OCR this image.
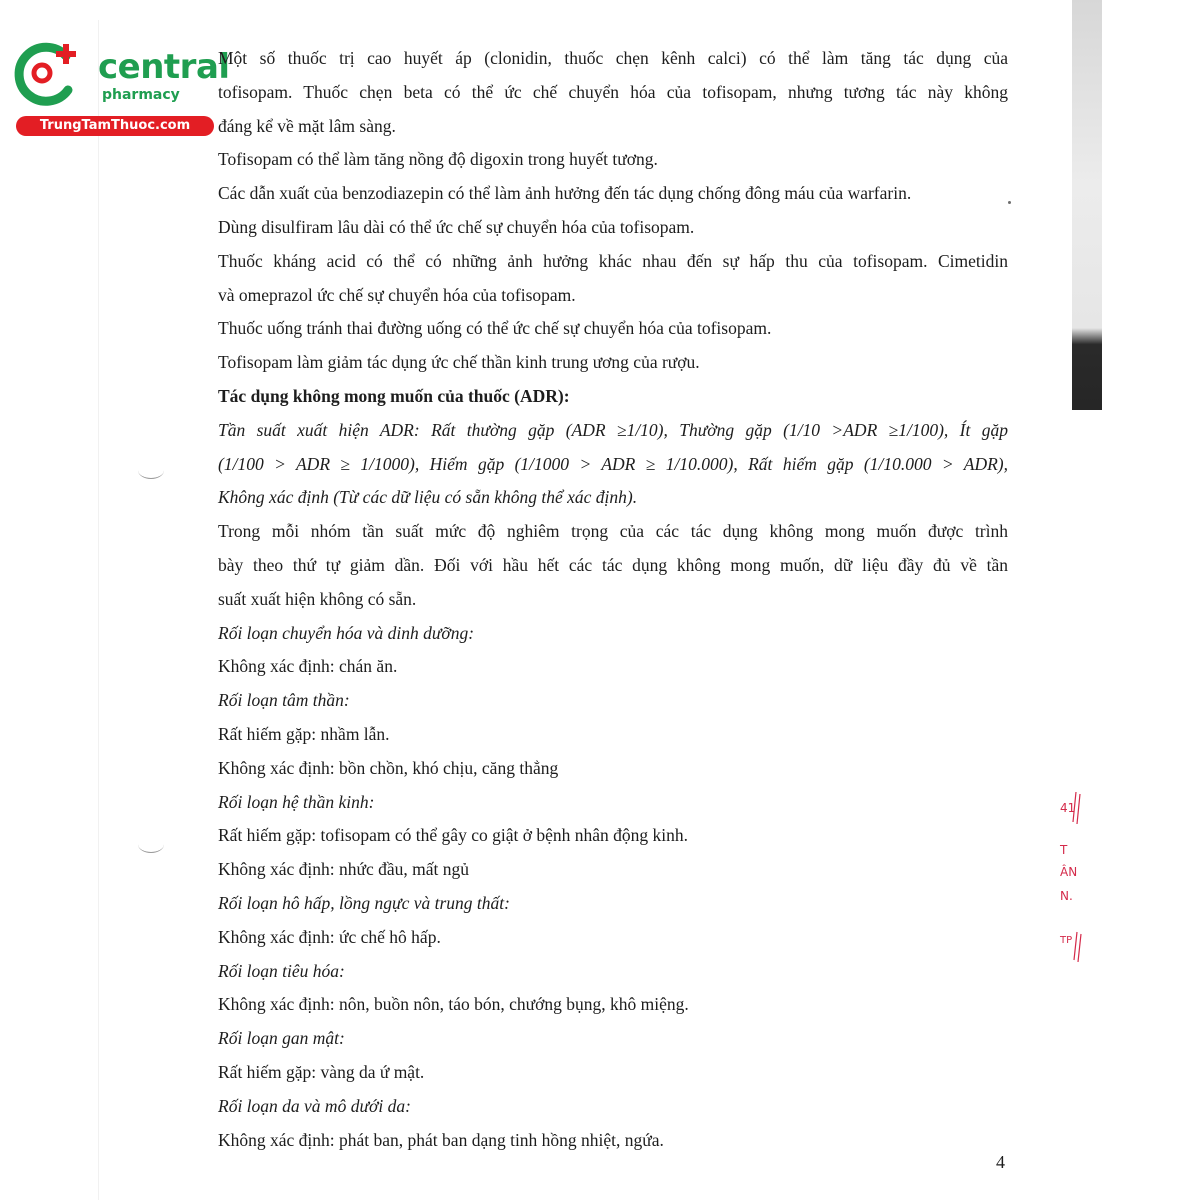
central
pharmacy
TrungTamThuoc.com
Một số thuốc trị cao huyết áp (clonidin, thuốc chẹn kênh calci) có thể làm tăng tác dụng của
tofisopam. Thuốc chẹn beta có thể ức chế chuyển hóa của tofisopam, nhưng tương tác này không
đáng kể về mặt lâm sàng.
Tofisopam có thể làm tăng nồng độ digoxin trong huyết tương.
Các dẫn xuất của benzodiazepin có thể làm ảnh hưởng đến tác dụng chống đông máu của warfarin.
Dùng disulfiram lâu dài có thể ức chế sự chuyển hóa của tofisopam.
Thuốc kháng acid có thể có những ảnh hưởng khác nhau đến sự hấp thu của tofisopam. Cimetidin
và omeprazol ức chế sự chuyển hóa của tofisopam.
Thuốc uống tránh thai đường uống có thể ức chế sự chuyển hóa của tofisopam.
Tofisopam làm giảm tác dụng ức chế thần kinh trung ương của rượu.
Tác dụng không mong muốn của thuốc (ADR):
Tần suất xuất hiện ADR: Rất thường gặp (ADR ≥1/10), Thường gặp (1/10 >ADR ≥1/100), Ít gặp
(1/100 > ADR ≥ 1/1000), Hiếm gặp (1/1000 > ADR ≥ 1/10.000), Rất hiếm gặp (1/10.000 > ADR),
Không xác định (Từ các dữ liệu có sẵn không thể xác định).
Trong mỗi nhóm tần suất mức độ nghiêm trọng của các tác dụng không mong muốn được trình
bày theo thứ tự giảm dần. Đối với hầu hết các tác dụng không mong muốn, dữ liệu đầy đủ về tần
suất xuất hiện không có sẵn.
Rối loạn chuyển hóa và dinh dưỡng:
Không xác định: chán ăn.
Rối loạn tâm thần:
Rất hiếm gặp: nhầm lẫn.
Không xác định: bồn chồn, khó chịu, căng thẳng
Rối loạn hệ thần kinh:
Rất hiếm gặp: tofisopam có thể gây co giật ở bệnh nhân động kinh.
Không xác định: nhức đầu, mất ngủ
Rối loạn hô hấp, lồng ngực và trung thất:
Không xác định: ức chế hô hấp.
Rối loạn tiêu hóa:
Không xác định: nôn, buồn nôn, táo bón, chướng bụng, khô miệng.
Rối loạn gan mật:
Rất hiếm gặp: vàng da ứ mật.
Rối loạn da và mô dưới da:
Không xác định: phát ban, phát ban dạng tinh hồng nhiệt, ngứa.
4
41
T
ÂN
N.
TP
